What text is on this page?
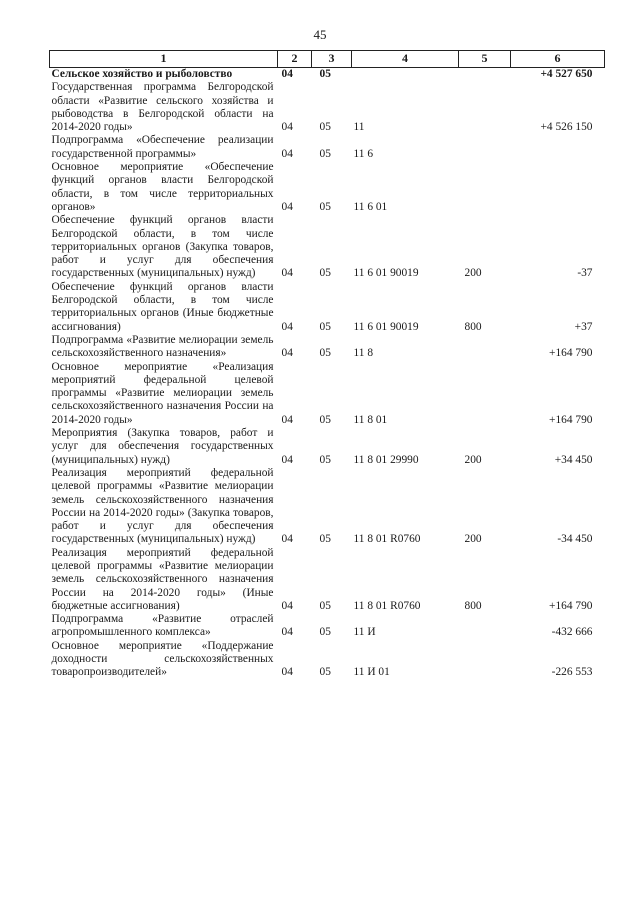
45
1	2	3	4	5	6
Сельское хозяйство и рыболовство	04	05			+4 527 650
Государственная программа Белгородской области «Развитие сельского хозяйства и рыбоводства в Белгородской области на 2014-2020 годы»	04	05	11		+4 526 150
Подпрограмма «Обеспечение реализации государственной программы»	04	05	11 6		
Основное мероприятие «Обеспечение функций органов власти Белгородской области, в том числе территориальных органов»	04	05	11 6 01		
Обеспечение функций органов власти Белгородской области, в том числе территориальных органов (Закупка товаров, работ и услуг для обеспечения государственных (муниципальных) нужд)	04	05	11 6 01 90019	200	-37
Обеспечение функций органов власти Белгородской области, в том числе территориальных органов (Иные бюджетные ассигнования)	04	05	11 6 01 90019	800	+37
Подпрограмма «Развитие мелиорации земель сельскохозяйственного назначения»	04	05	11 8		+164 790
Основное мероприятие «Реализация мероприятий федеральной целевой программы «Развитие мелиорации земель сельскохозяйственного назначения России на 2014-2020 годы»	04	05	11 8 01		+164 790
Мероприятия (Закупка товаров, работ и услуг для обеспечения государственных (муниципальных) нужд)	04	05	11 8 01 29990	200	+34 450
Реализация мероприятий федеральной целевой программы «Развитие мелиорации земель сельскохозяйственного назначения России на 2014-2020 годы» (Закупка товаров, работ и услуг для обеспечения государственных (муниципальных) нужд)	04	05	11 8 01 R0760	200	-34 450
Реализация мероприятий федеральной целевой программы «Развитие мелиорации земель сельскохозяйственного назначения России на 2014-2020 годы» (Иные бюджетные ассигнования)	04	05	11 8 01 R0760	800	+164 790
Подпрограмма «Развитие отраслей агропромышленного комплекса»	04	05	11 И		-432 666
Основное мероприятие «Поддержание доходности сельскохозяйственных товаропроизводителей»	04	05	11 И 01		-226 553
